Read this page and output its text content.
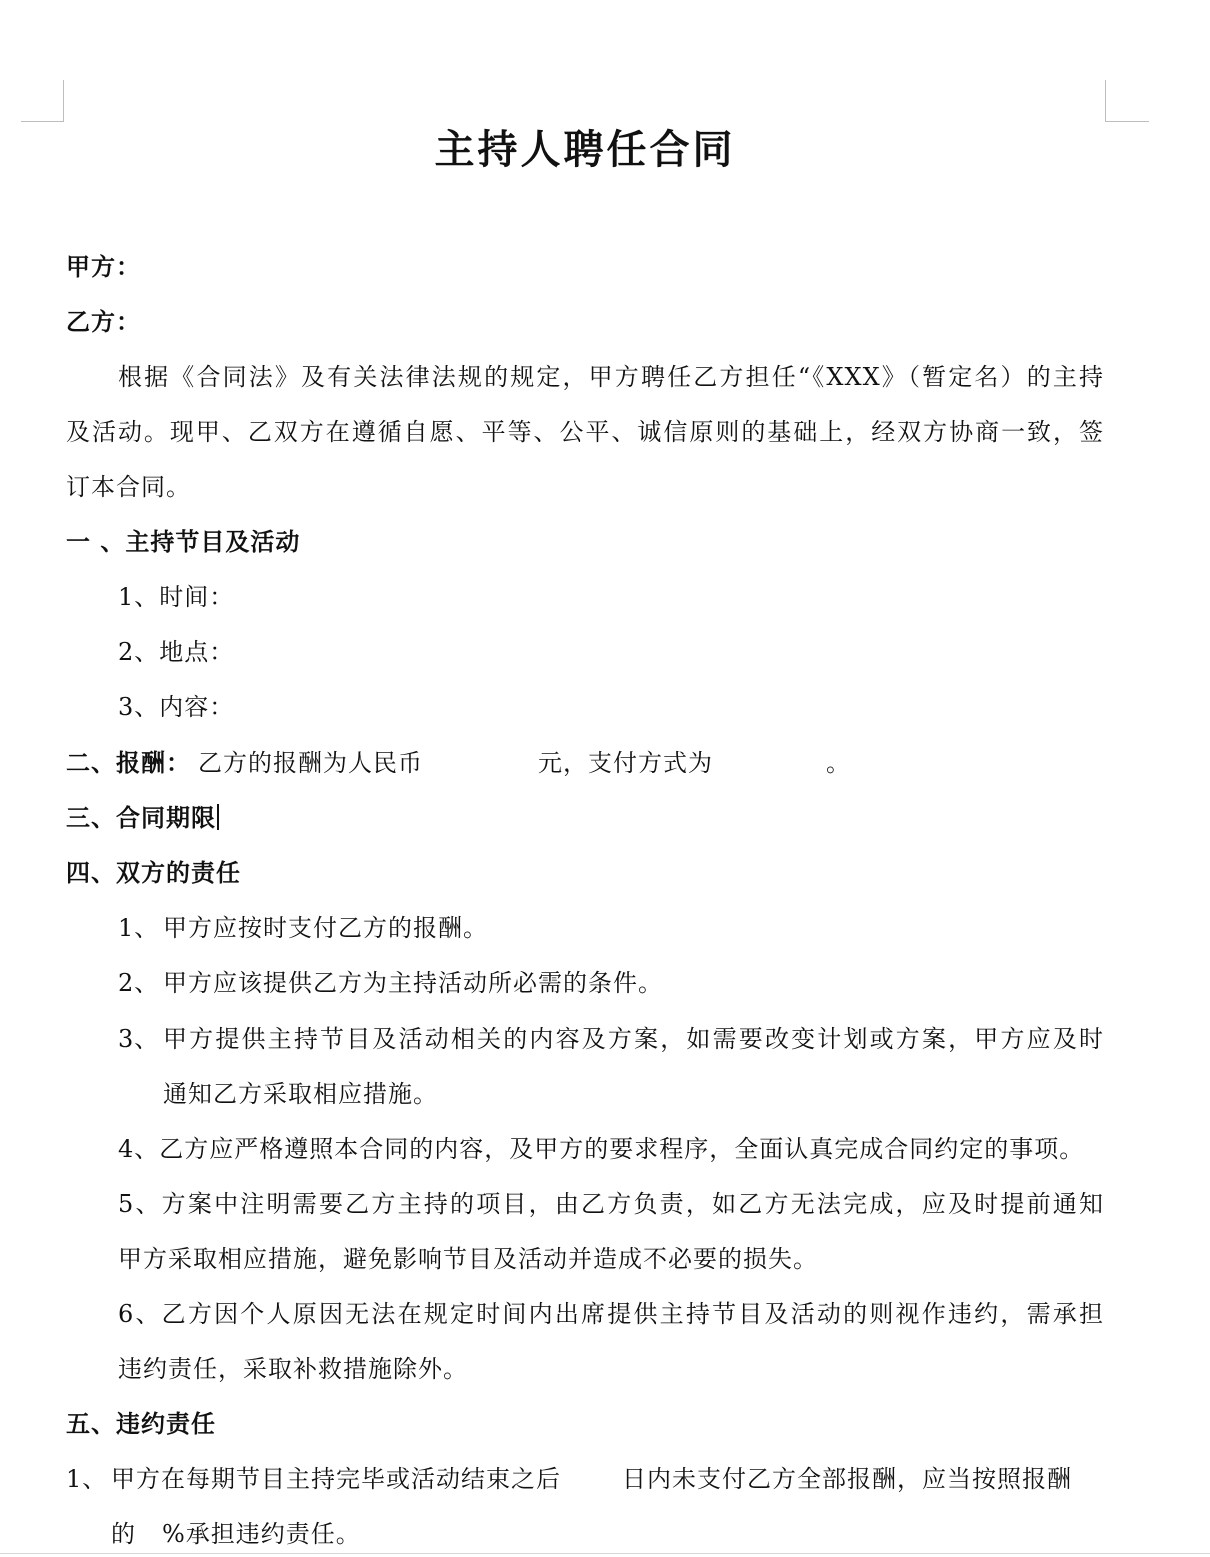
主持人聘任合同
甲方：
乙方：
根据《合同法》及有关法律法规的规定，甲方聘任乙方担任“《XXX》（暂定名）的主持
及活动。现甲、乙双方在遵循自愿、平等、公平、诚信原则的基础上，经双方协商一致，签
订本合同。
一 、主持节目及活动
1、时间：
2、地点：
3、内容：
二、报酬： 乙方的报酬为人民币	元，支付方式为	。
三、合同期限
四、双方的责任
1、 甲方应按时支付乙方的报酬。
2、 甲方应该提供乙方为主持活动所必需的条件。
3、 甲方提供主持节目及活动相关的内容及方案，如需要改变计划或方案，甲方应及时
通知乙方采取相应措施。
4、乙方应严格遵照本合同的内容，及甲方的要求程序，全面认真完成合同约定的事项。
5、方案中注明需要乙方主持的项目，由乙方负责，如乙方无法完成，应及时提前通知
甲方采取相应措施，避免影响节目及活动并造成不必要的损失。
6、乙方因个人原因无法在规定时间内出席提供主持节目及活动的则视作违约，需承担
违约责任，采取补救措施除外。
五、违约责任
1、 甲方在每期节目主持完毕或活动结束之后	日内未支付乙方全部报酬，应当按照报酬
的 %承担违约责任。
